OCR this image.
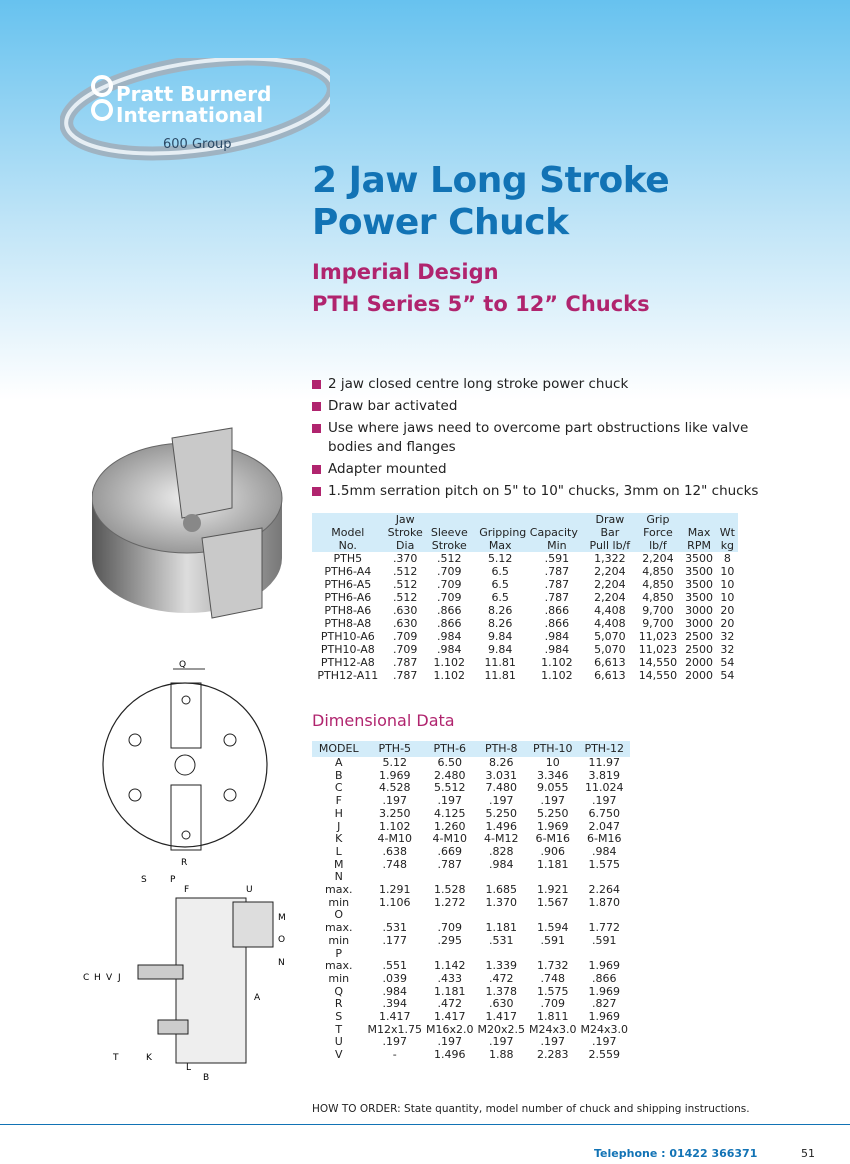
Pratt Burnerd
International
600 Group
2 Jaw Long Stroke
Power Chuck
Imperial Design
PTH Series 5” to 12” Chucks
2 jaw closed centre long stroke power chuck
Draw bar activated
Use where jaws need to overcome part obstructions like valve bodies and flanges
Adapter mounted
1.5mm serration pitch on 5" to 10" chucks, 3mm on 12" chucks
Q
R
S	P
F	U
C H V J
A
M
O
N
T	K
L
B
	Jaw				Draw	Grip		
Model	Stroke	Sleeve	Gripping Capacity		Bar	Force	Max	Wt
No.	Dia	Stroke	Max	Min	Pull lb/f	lb/f	RPM	kg
PTH5	.370	.512	5.12	.591	1,322	2,204	3500	8
PTH6-A4	.512	.709	6.5	.787	2,204	4,850	3500	10
PTH6-A5	.512	.709	6.5	.787	2,204	4,850	3500	10
PTH6-A6	.512	.709	6.5	.787	2,204	4,850	3500	10
PTH8-A6	.630	.866	8.26	.866	4,408	9,700	3000	20
PTH8-A8	.630	.866	8.26	.866	4,408	9,700	3000	20
PTH10-A6	.709	.984	9.84	.984	5,070	11,023	2500	32
PTH10-A8	.709	.984	9.84	.984	5,070	11,023	2500	32
PTH12-A8	.787	1.102	11.81	1.102	6,613	14,550	2000	54
PTH12-A11	.787	1.102	11.81	1.102	6,613	14,550	2000	54
Dimensional Data
MODEL	PTH-5	PTH-6	PTH-8	PTH-10	PTH-12
A	5.12	6.50	8.26	10	11.97
B	1.969	2.480	3.031	3.346	3.819
C	4.528	5.512	7.480	9.055	11.024
F	.197	.197	.197	.197	.197
H	3.250	4.125	5.250	5.250	6.750
J	1.102	1.260	1.496	1.969	2.047
K	4-M10	4-M10	4-M12	6-M16	6-M16
L	.638	.669	.828	.906	.984
M	.748	.787	.984	1.181	1.575
N					
max.	1.291	1.528	1.685	1.921	2.264
min	1.106	1.272	1.370	1.567	1.870
O					
max.	.531	.709	1.181	1.594	1.772
min	.177	.295	.531	.591	.591
P					
max.	.551	1.142	1.339	1.732	1.969
min	.039	.433	.472	.748	.866
Q	.984	1.181	1.378	1.575	1.969
R	.394	.472	.630	.709	.827
S	1.417	1.417	1.417	1.811	1.969
T	M12x1.75	M16x2.0	M20x2.5	M24x3.0	M24x3.0
U	.197	.197	.197	.197	.197
V	-	1.496	1.88	2.283	2.559
HOW TO ORDER: State quantity, model number of chuck and shipping instructions.
Telephone : 01422 366371	51
